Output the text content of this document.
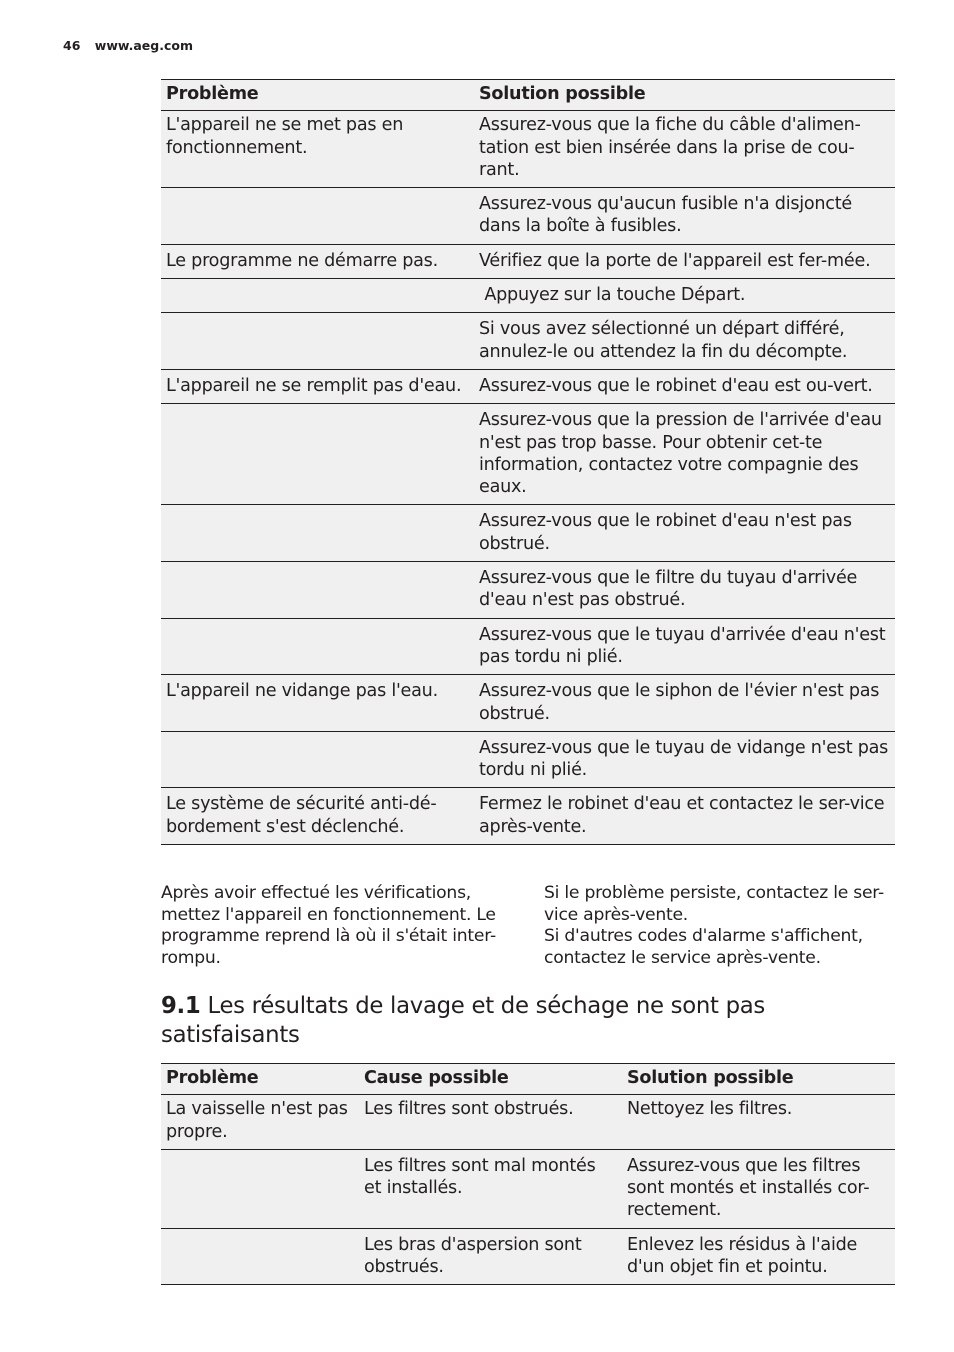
46 www.aeg.com
Problème	Solution possible
L'appareil ne se met pas en fonctionnement.	Assurez-vous que la fiche du câble d'alimen-tation est bien insérée dans la prise de cou-rant.
	Assurez-vous qu'aucun fusible n'a disjoncté dans la boîte à fusibles.
Le programme ne démarre pas.	Vérifiez que la porte de l'appareil est fer-mée.
	Appuyez sur la touche Départ.
	Si vous avez sélectionné un départ différé, annulez-le ou attendez la fin du décompte.
L'appareil ne se remplit pas d'eau.	Assurez-vous que le robinet d'eau est ou-vert.
	Assurez-vous que la pression de l'arrivée d'eau n'est pas trop basse. Pour obtenir cet-te information, contactez votre compagnie des eaux.
	Assurez-vous que le robinet d'eau n'est pas obstrué.
	Assurez-vous que le filtre du tuyau d'arrivée d'eau n'est pas obstrué.
	Assurez-vous que le tuyau d'arrivée d'eau n'est pas tordu ni plié.
L'appareil ne vidange pas l'eau.	Assurez-vous que le siphon de l'évier n'est pas obstrué.
	Assurez-vous que le tuyau de vidange n'est pas tordu ni plié.
Le système de sécurité anti-dé-bordement s'est déclenché.	Fermez le robinet d'eau et contactez le ser-vice après-vente.

Après avoir effectué les vérifications, mettez l'appareil en fonctionnement. Le programme reprend là où il s'était inter-rompu.

Si le problème persiste, contactez le ser-vice après-vente.

Si d'autres codes d'alarme s'affichent, contactez le service après-vente.

9.1 Les résultats de lavage et de séchage ne sont pas satisfaisants
Problème	Cause possible	Solution possible
La vaisselle n'est pas propre.	Les filtres sont obstrués.	Nettoyez les filtres.
	Les filtres sont mal montés et installés.	Assurez-vous que les filtres sont montés et installés cor-rectement.
	Les bras d'aspersion sont obstrués.	Enlevez les résidus à l'aide d'un objet fin et pointu.
